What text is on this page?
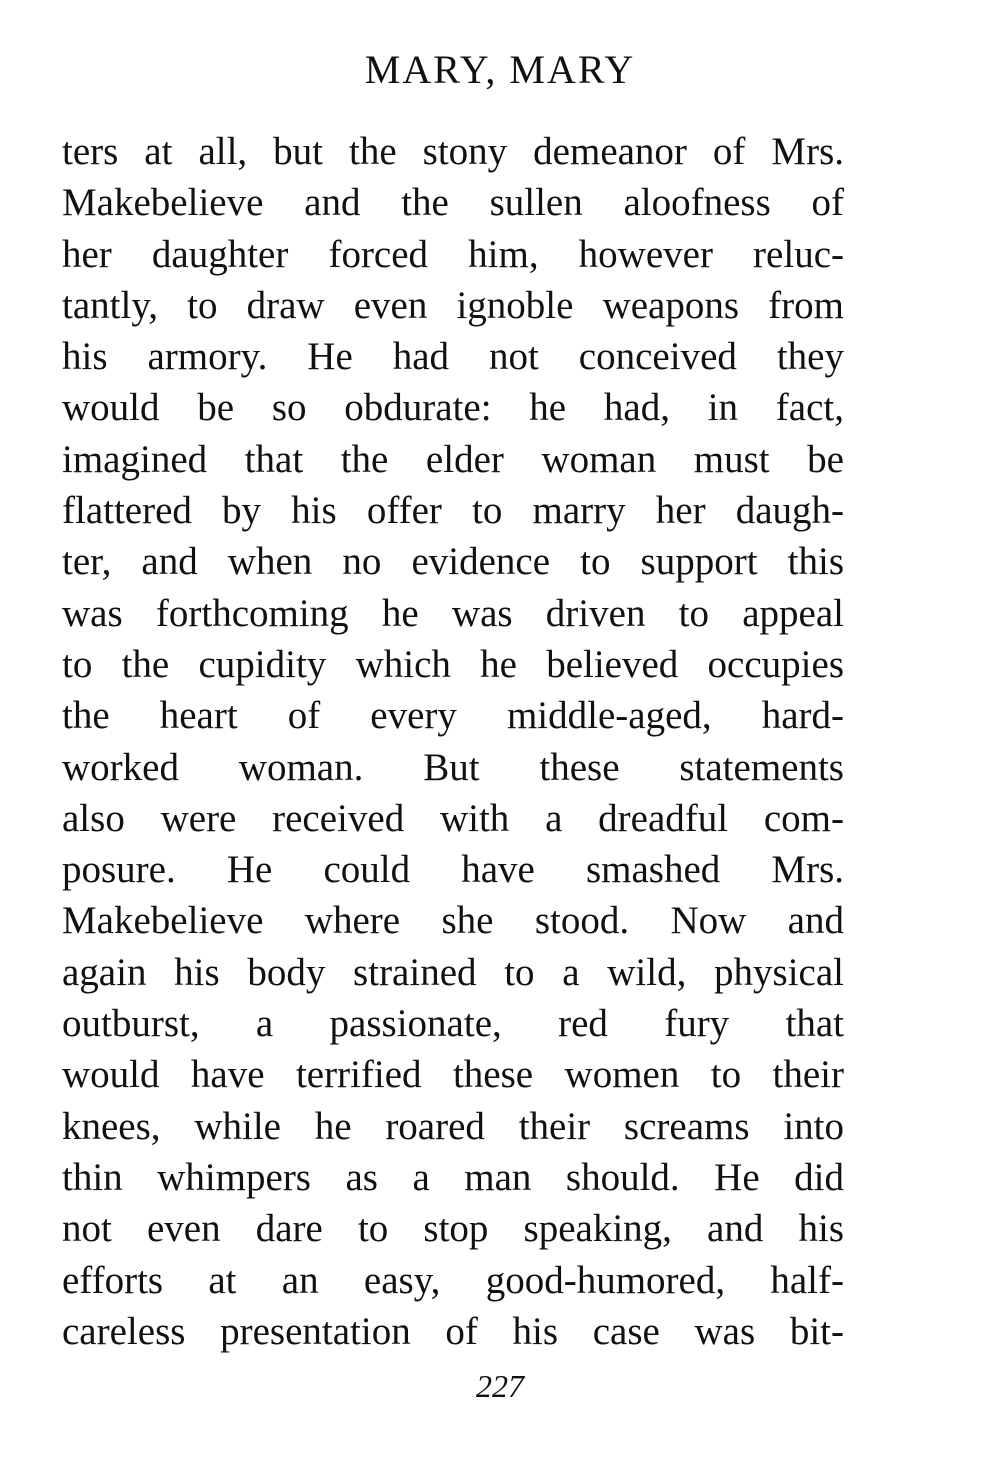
MARY, MARY
ters at all, but the stony demeanor of Mrs.
Makebelieve and the sullen aloofness of
her daughter forced him, however reluc-
tantly, to draw even ignoble weapons from
his armory. He had not conceived they
would be so obdurate: he had, in fact,
imagined that the elder woman must be
flattered by his offer to marry her daugh-
ter, and when no evidence to support this
was forthcoming he was driven to appeal
to the cupidity which he believed occupies
the heart of every middle-aged, hard-
worked woman. But these statements
also were received with a dreadful com-
posure. He could have smashed Mrs.
Makebelieve where she stood. Now and
again his body strained to a wild, physical
outburst, a passionate, red fury that
would have terrified these women to their
knees, while he roared their screams into
thin whimpers as a man should. He did
not even dare to stop speaking, and his
efforts at an easy, good-humored, half-
careless presentation of his case was bit-
227
